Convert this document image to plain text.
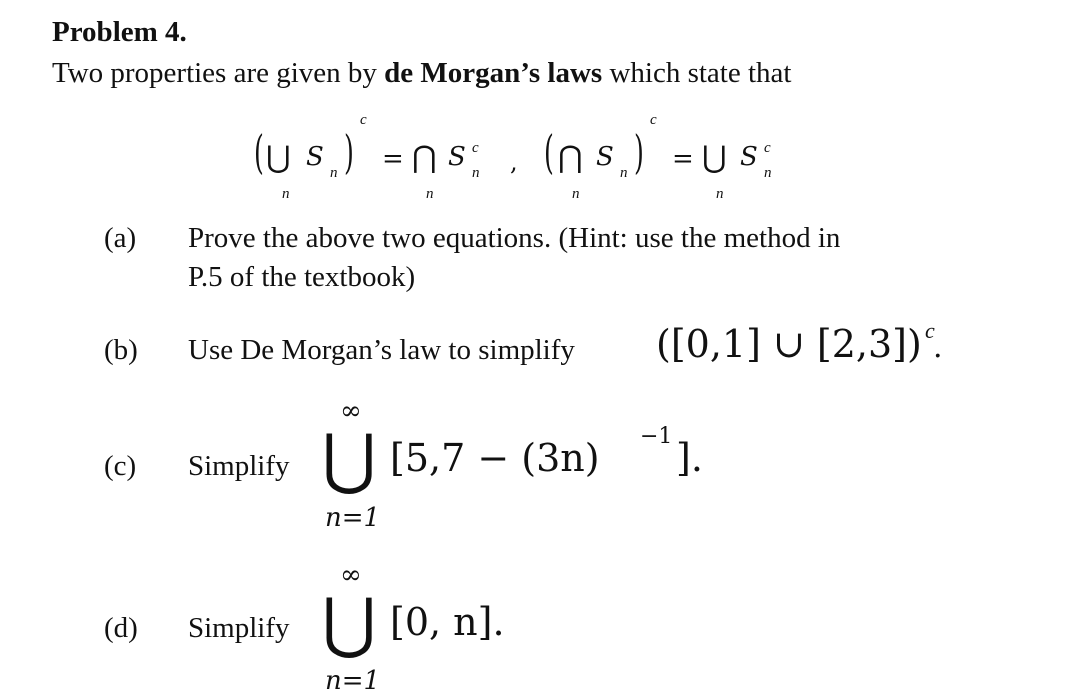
Problem 4.
Two properties are given by de Morgan’s laws which state that
( ⋃
n
S
n )
c
= ⋂
n
S c
n , ( ⋂
n
S
n )
c
= ⋃
n
S c
n
(a) Prove the above two equations. (Hint: use the method in
P.5 of the textbook)
(b) Use De Morgan’s law to simplify ([0,1] ∪ [2,3]) c
.
(c) Simplify
∞
⋃
n=1
[5,7 − (3n) −1 ].
(d) Simplify
∞
⋃
n=1
[0, n].
